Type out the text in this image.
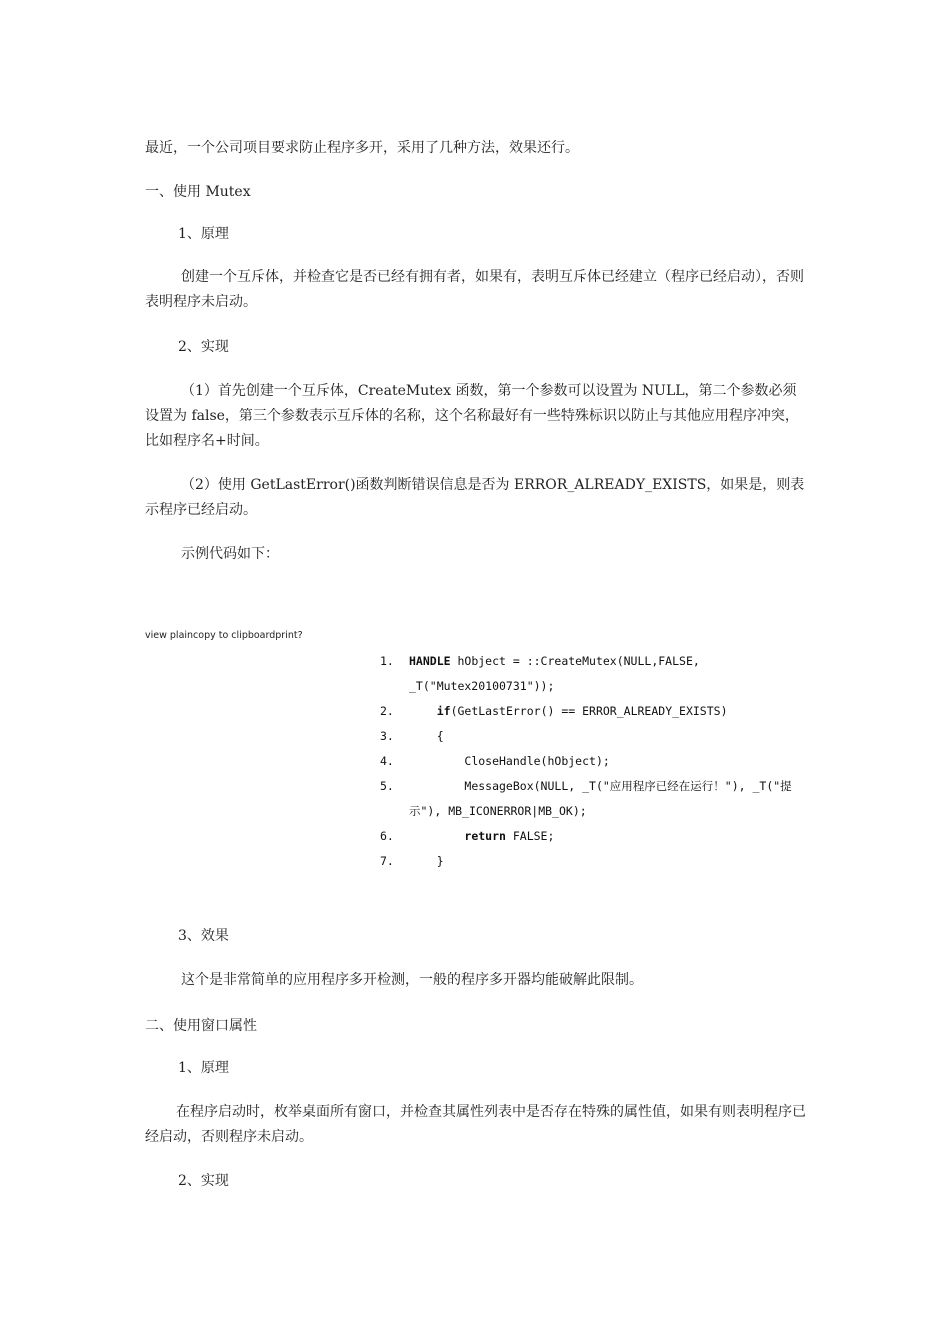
最近，一个公司项目要求防止程序多开，采用了几种方法，效果还行。

一、使用 Mutex

1、原理

创建一个互斥体，并检查它是否已经有拥有者，如果有，表明互斥体已经建立（程序已经启动），否则表明程序未启动。

2、实现

（1）首先创建一个互斥体，CreateMutex 函数，第一个参数可以设置为 NULL，第二个参数必须设置为 false，第三个参数表示互斥体的名称，这个名称最好有一些特殊标识以防止与其他应用程序冲突，比如程序名+时间。

（2）使用 GetLastError()函数判断错误信息是否为 ERROR_ALREADY_EXISTS，如果是，则表示程序已经启动。

示例代码如下：

view plaincopy to clipboardprint?

1. HANDLE hObject = ::CreateMutex(NULL,FALSE, _T("Mutex20100731"));
2.	if(GetLastError() == ERROR_ALREADY_EXISTS)
3.	{
4.	CloseHandle(hObject);
5.	MessageBox(NULL, _T("应用程序已经在运行！"), _T("提示"), MB_ICONERROR|MB_OK);
6.	return FALSE;
7.	}

3、效果

这个是非常简单的应用程序多开检测，一般的程序多开器均能破解此限制。

二、使用窗口属性

1、原理

在程序启动时，枚举桌面所有窗口，并检查其属性列表中是否存在特殊的属性值，如果有则表明程序已经启动，否则程序未启动。

2、实现
